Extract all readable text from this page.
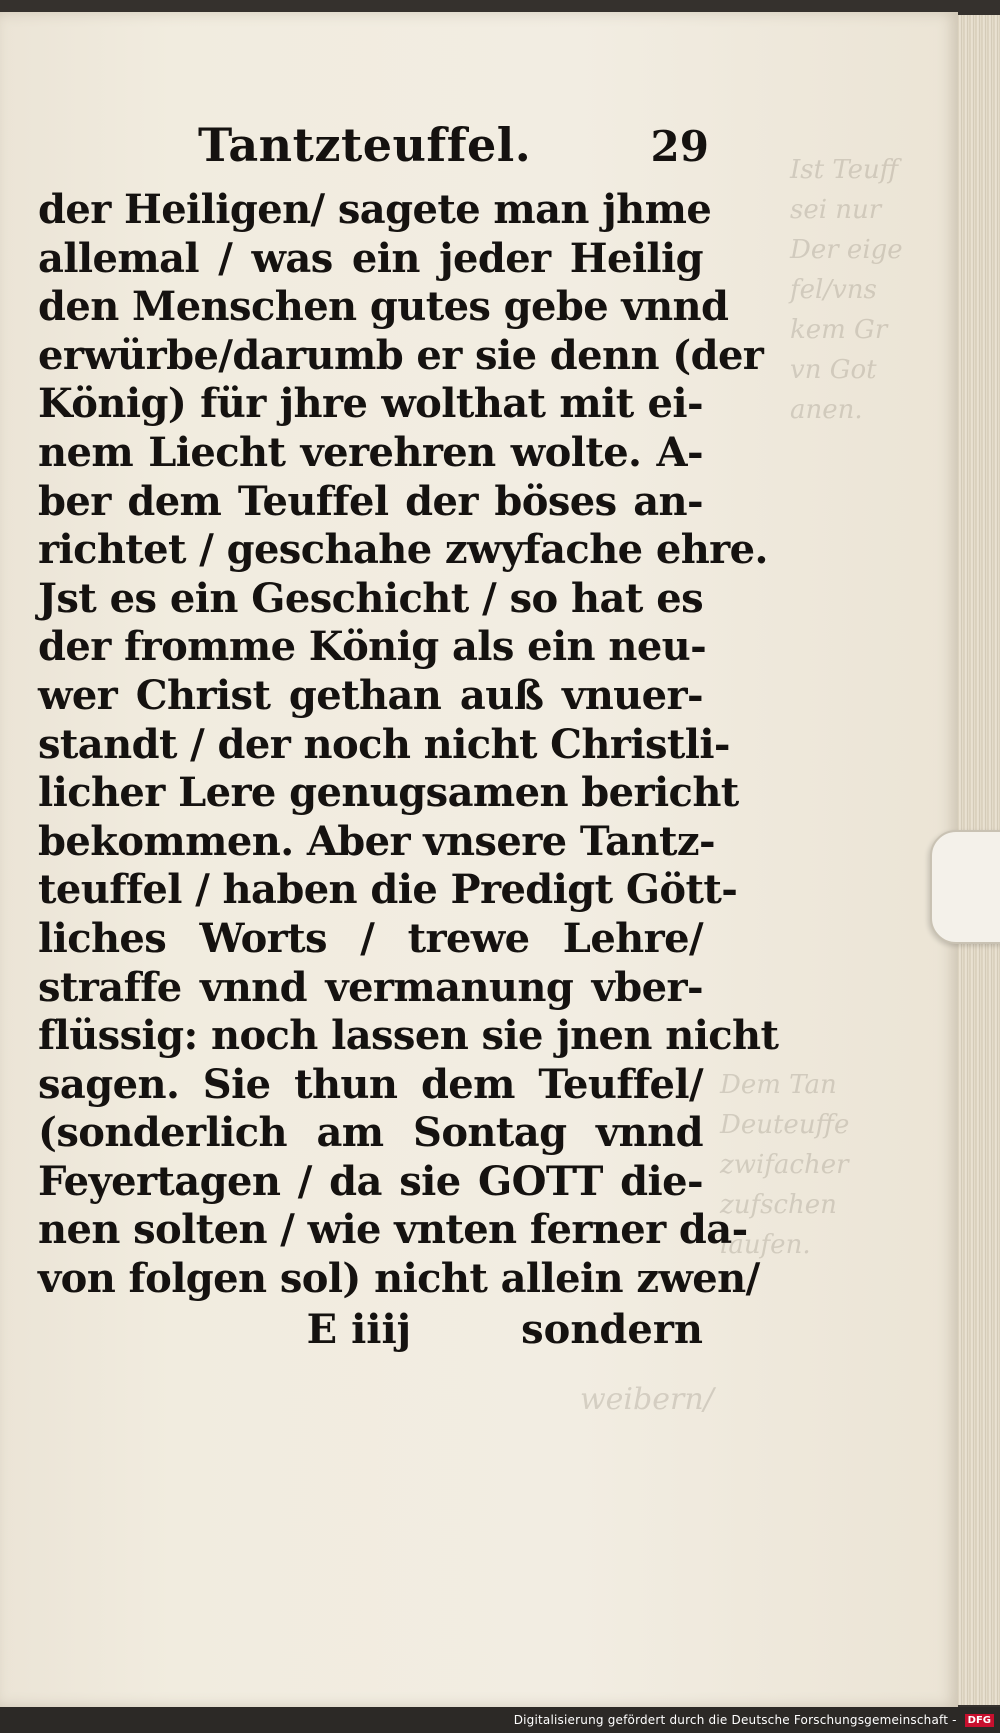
Ist Teuff
sei nur
Der eige
fel/vns
kem Gr
vn Got
anen.
Dem Tan
Deuteuffe
zwifacher
zufschen
laufen.
weibern/
Tantzteuffel.	29
der Heiligen/ sagete man jhme
allemal / was ein jeder Heilig
den Menschen gutes gebe vnnd
erwürbe/darumb er sie denn (der
König) für jhre wolthat mit ei-
nem Liecht verehren wolte. A-
ber dem Teuffel der böses an-
richtet / geschahe zwyfache ehre.
Jst es ein Geschicht / so hat es
der fromme König als ein neu-
wer Christ gethan auß vnuer-
standt / der noch nicht Christli-
licher Lere genugsamen bericht
bekommen. Aber vnsere Tantz-
teuffel / haben die Predigt Gött-
liches Worts / trewe Lehre/
straffe vnnd vermanung vber-
flüssig: noch lassen sie jnen nicht
sagen. Sie thun dem Teuffel/
(sonderlich am Sontag vnnd
Feyertagen / da sie GOTT die-
nen solten / wie vnten ferner da-
von folgen sol) nicht allein zwen/
E iiij	sondern
Digitalisierung gefördert durch die Deutsche Forschungsgemeinschaft -	DFG
